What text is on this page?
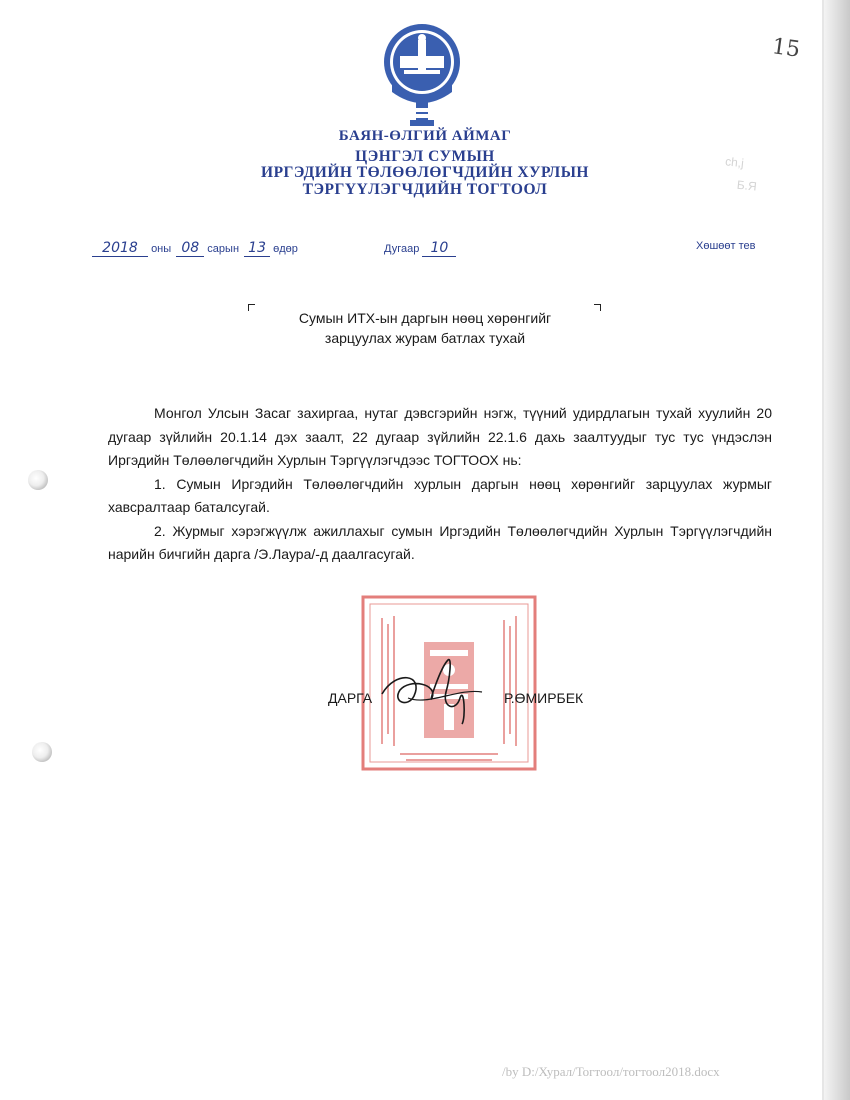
15
ch,j
Б.Я
БАЯН-ӨЛГИЙ АЙМАГ
ЦЭНГЭЛ СУМЫН
ИРГЭДИЙН ТӨЛӨӨЛӨГЧДИЙН ХУРЛЫН
ТЭРГҮҮЛЭГЧДИЙН ТОГТООЛ
2018 оны 08 сарын 13 өдөр	Дугаар 10	Хөшөөт тев
Сумын ИТХ-ын даргын нөөц хөрөнгийг
зарцуулах журам батлах тухай

Монгол Улсын Засаг захиргаа, нутаг дэвсгэрийн нэгж, түүний удирдлагын тухай хуулийн 20 дугаар зүйлийн 20.1.14 дэх заалт, 22 дугаар зүйлийн 22.1.6 дахь заалтуудыг тус тус үндэслэн Иргэдийн Төлөөлөгчдийн Хурлын Тэргүүлэгчдээс ТОГТООХ нь:

1. Сумын Иргэдийн Төлөөлөгчдийн хурлын даргын нөөц хөрөнгийг зарцуулах журмыг хавсралтаар баталсугай.

2. Журмыг хэрэгжүүлж ажиллахыг сумын Иргэдийн Төлөөлөгчдийн Хурлын Тэргүүлэгчдийн нарийн бичгийн дарга /Э.Лаура/-д даалгасугай.

ДАРГА	Р.ӨМИРБЕК
/by D:/Хурал/Тогтоол/тогтоол2018.docx
